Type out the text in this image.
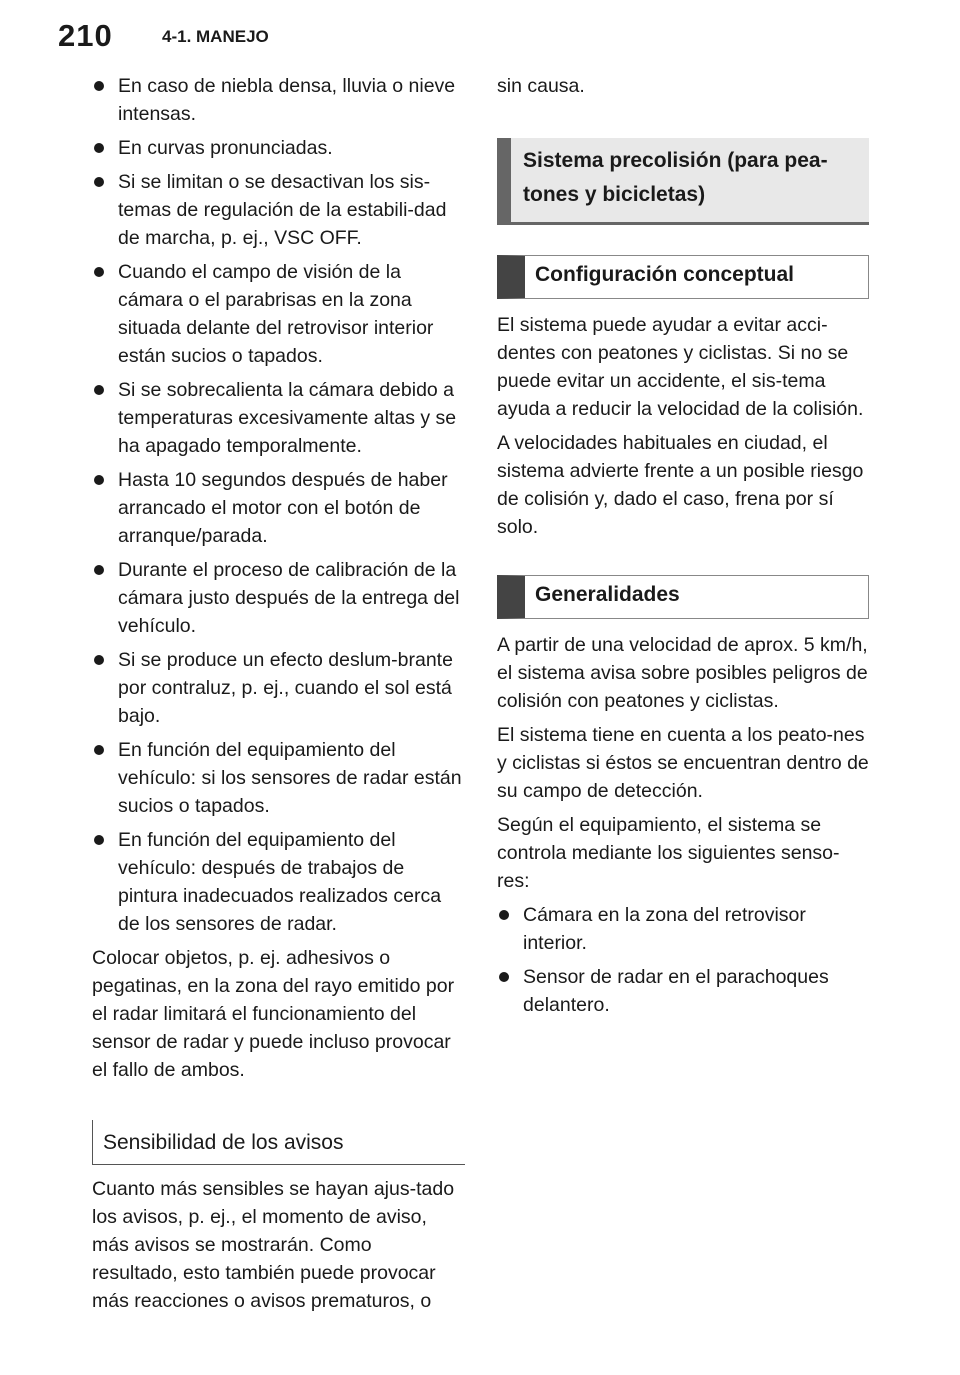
210	4-1. MANEJO
En caso de niebla densa, lluvia o nieve intensas.
En curvas pronunciadas.
Si se limitan o se desactivan los sis-temas de regulación de la estabili-dad de marcha, p. ej., VSC OFF.
Cuando el campo de visión de la cámara o el parabrisas en la zona situada delante del retrovisor interior están sucios o tapados.
Si se sobrecalienta la cámara debido a temperaturas excesivamente altas y se ha apagado temporalmente.
Hasta 10 segundos después de haber arrancado el motor con el botón de arranque/parada.
Durante el proceso de calibración de la cámara justo después de la entrega del vehículo.
Si se produce un efecto deslum-brante por contraluz, p. ej., cuando el sol está bajo.
En función del equipamiento del vehículo: si los sensores de radar están sucios o tapados.
En función del equipamiento del vehículo: después de trabajos de pintura inadecuados realizados cerca de los sensores de radar.

Colocar objetos, p. ej. adhesivos o pegatinas, en la zona del rayo emitido por el radar limitará el funcionamiento del sensor de radar y puede incluso provocar el fallo de ambos.

Sensibilidad de los avisos

Cuanto más sensibles se hayan ajus-tado los avisos, p. ej., el momento de aviso, más avisos se mostrarán. Como resultado, esto también puede provocar más reacciones o avisos prematuros, o

sin causa.

Sistema precolisión (para pea-tones y bicicletas)
Configuración conceptual

El sistema puede ayudar a evitar acci-dentes con peatones y ciclistas. Si no se puede evitar un accidente, el sis-tema ayuda a reducir la velocidad de la colisión.

A velocidades habituales en ciudad, el sistema advierte frente a un posible riesgo de colisión y, dado el caso, frena por sí solo.

Generalidades

A partir de una velocidad de aprox. 5 km/h, el sistema avisa sobre posibles peligros de colisión con peatones y ciclistas.

El sistema tiene en cuenta a los peato-nes y ciclistas si éstos se encuentran dentro de su campo de detección.

Según el equipamiento, el sistema se controla mediante los siguientes senso-res:

Cámara en la zona del retrovisor interior.
Sensor de radar en el parachoques delantero.
